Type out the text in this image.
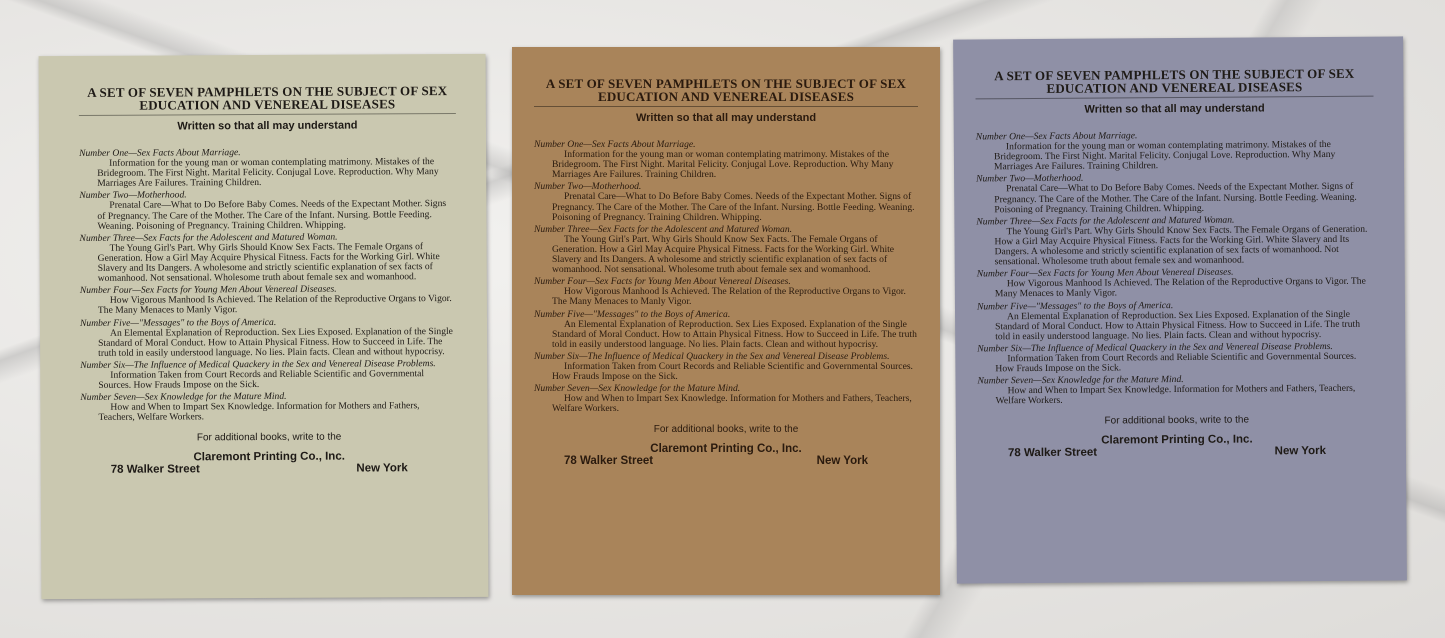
A SET OF SEVEN PAMPHLETS ON THE SUBJECT OF SEX EDUCATION AND VENEREAL DISEASES
Written so that all may understand
Number One—Sex Facts About Marriage.
Information for the young man or woman contemplating matrimony. Mistakes of the Bridegroom. The First Night. Marital Felicity. Conjugal Love. Reproduction. Why Many Marriages Are Failures. Training Children.
Number Two—Motherhood.
Prenatal Care—What to Do Before Baby Comes. Needs of the Expectant Mother. Signs of Pregnancy. The Care of the Mother. The Care of the Infant. Nursing. Bottle Feeding. Weaning. Poisoning of Pregnancy. Training Children. Whipping.
Number Three—Sex Facts for the Adolescent and Matured Woman.
The Young Girl's Part. Why Girls Should Know Sex Facts. The Female Organs of Generation. How a Girl May Acquire Physical Fitness. Facts for the Working Girl. White Slavery and Its Dangers. A wholesome and strictly scientific explanation of sex facts of womanhood. Not sensational. Wholesome truth about female sex and womanhood.
Number Four—Sex Facts for Young Men About Venereal Diseases.
How Vigorous Manhood Is Achieved. The Relation of the Reproductive Organs to Vigor. The Many Menaces to Manly Vigor.
Number Five—"Messages" to the Boys of America.
An Elemental Explanation of Reproduction. Sex Lies Exposed. Explanation of the Single Standard of Moral Conduct. How to Attain Physical Fitness. How to Succeed in Life. The truth told in easily understood language. No lies. Plain facts. Clean and without hypocrisy.
Number Six—The Influence of Medical Quackery in the Sex and Venereal Disease Problems.
Information Taken from Court Records and Reliable Scientific and Governmental Sources. How Frauds Impose on the Sick.
Number Seven—Sex Knowledge for the Mature Mind.
How and When to Impart Sex Knowledge. Information for Mothers and Fathers, Teachers, Welfare Workers.
For additional books, write to the
Claremont Printing Co., Inc.
78 Walker Street	New York
A SET OF SEVEN PAMPHLETS ON THE SUBJECT OF SEX EDUCATION AND VENEREAL DISEASES
Written so that all may understand
Number One—Sex Facts About Marriage.
Information for the young man or woman contemplating matrimony. Mistakes of the Bridegroom. The First Night. Marital Felicity. Conjugal Love. Reproduction. Why Many Marriages Are Failures. Training Children.
Number Two—Motherhood.
Prenatal Care—What to Do Before Baby Comes. Needs of the Expectant Mother. Signs of Pregnancy. The Care of the Mother. The Care of the Infant. Nursing. Bottle Feeding. Weaning. Poisoning of Pregnancy. Training Children. Whipping.
Number Three—Sex Facts for the Adolescent and Matured Woman.
The Young Girl's Part. Why Girls Should Know Sex Facts. The Female Organs of Generation. How a Girl May Acquire Physical Fitness. Facts for the Working Girl. White Slavery and Its Dangers. A wholesome and strictly scientific explanation of sex facts of womanhood. Not sensational. Wholesome truth about female sex and womanhood.
Number Four—Sex Facts for Young Men About Venereal Diseases.
How Vigorous Manhood Is Achieved. The Relation of the Reproductive Organs to Vigor. The Many Menaces to Manly Vigor.
Number Five—"Messages" to the Boys of America.
An Elemental Explanation of Reproduction. Sex Lies Exposed. Explanation of the Single Standard of Moral Conduct. How to Attain Physical Fitness. How to Succeed in Life. The truth told in easily understood language. No lies. Plain facts. Clean and without hypocrisy.
Number Six—The Influence of Medical Quackery in the Sex and Venereal Disease Problems.
Information Taken from Court Records and Reliable Scientific and Governmental Sources. How Frauds Impose on the Sick.
Number Seven—Sex Knowledge for the Mature Mind.
How and When to Impart Sex Knowledge. Information for Mothers and Fathers, Teachers, Welfare Workers.
For additional books, write to the
Claremont Printing Co., Inc.
78 Walker Street	New York
A SET OF SEVEN PAMPHLETS ON THE SUBJECT OF SEX EDUCATION AND VENEREAL DISEASES
Written so that all may understand
Number One—Sex Facts About Marriage.
Information for the young man or woman contemplating matrimony. Mistakes of the Bridegroom. The First Night. Marital Felicity. Conjugal Love. Reproduction. Why Many Marriages Are Failures. Training Children.
Number Two—Motherhood.
Prenatal Care—What to Do Before Baby Comes. Needs of the Expectant Mother. Signs of Pregnancy. The Care of the Mother. The Care of the Infant. Nursing. Bottle Feeding. Weaning. Poisoning of Pregnancy. Training Children. Whipping.
Number Three—Sex Facts for the Adolescent and Matured Woman.
The Young Girl's Part. Why Girls Should Know Sex Facts. The Female Organs of Generation. How a Girl May Acquire Physical Fitness. Facts for the Working Girl. White Slavery and Its Dangers. A wholesome and strictly scientific explanation of sex facts of womanhood. Not sensational. Wholesome truth about female sex and womanhood.
Number Four—Sex Facts for Young Men About Venereal Diseases.
How Vigorous Manhood Is Achieved. The Relation of the Reproductive Organs to Vigor. The Many Menaces to Manly Vigor.
Number Five—"Messages" to the Boys of America.
An Elemental Explanation of Reproduction. Sex Lies Exposed. Explanation of the Single Standard of Moral Conduct. How to Attain Physical Fitness. How to Succeed in Life. The truth told in easily understood language. No lies. Plain facts. Clean and without hypocrisy.
Number Six—The Influence of Medical Quackery in the Sex and Venereal Disease Problems.
Information Taken from Court Records and Reliable Scientific and Governmental Sources. How Frauds Impose on the Sick.
Number Seven—Sex Knowledge for the Mature Mind.
How and When to Impart Sex Knowledge. Information for Mothers and Fathers, Teachers, Welfare Workers.
For additional books, write to the
Claremont Printing Co., Inc.
78 Walker Street	New York
